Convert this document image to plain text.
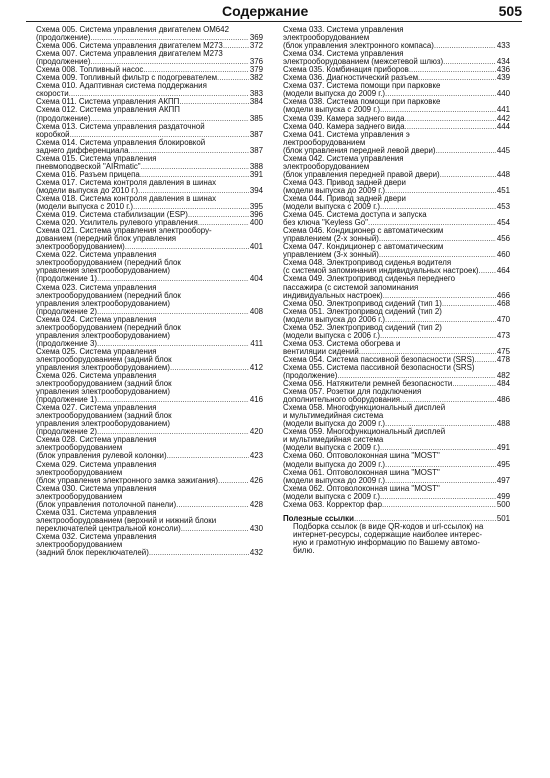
Содержание	505
Схема 005. Система управления двигателем OM642
(продолжение) .....	369
Схема 006. Система управления двигателем M273 .....	372
Схема 007. Система управления двигателем M273
(продолжение) .....	376
Схема 008. Топливный насос .....	379
Схема 009. Топливный фильтр с подогревателем .....	382
Схема 010. Адаптивная система поддержания
скорости .....	383
Схема 011. Система управления АКПП .....	384
Схема 012. Система управления АКПП
(продолжение) .....	385
Схема 013. Система управления раздаточной
коробкой .....	387
Схема 014. Система управления блокировкой
заднего дифференциала .....	387
Схема 015. Система управления
пневмоподвеской "AIRmatic" .....	388
Схема 016. Разъем прицепа .....	391
Схема 017. Система контроля давления в шинах
(модели выпуска до 2010 г.) .....	394
Схема 018. Система контроля давления в шинах
(модели выпуска с 2010 г.) .....	395
Схема 019. Система стабилизации (ESP) .....	396
Схема 020. Усилитель рулевого управления .....	400
Схема 021. Система управления электрообору-
дованием (передний блок управления
электрооборудованием) .....	401
Схема 022. Система управления
электрооборудованием (передний блок
управления электрооборудованием)
(продолжение 1) .....	404
Схема 023. Система управления
электрооборудованием (передний блок
управления электрооборудованием)
(продолжение 2) .....	408
Схема 024. Система управления
электрооборудованием (передний блок
управления электрооборудованием)
(продолжение 3) .....	411
Схема 025. Система управления
электрооборудованием (задний блок
управления электрооборудованием) .....	412
Схема 026. Система управления
электрооборудованием (задний блок
управления электрооборудованием)
(продолжение 1) .....	416
Схема 027. Система управления
электрооборудованием (задний блок
управления электрооборудованием)
(продолжение 2) .....	420
Схема 028. Система управления
электрооборудованием
(блок управления рулевой колонки) .....	423
Схема 029. Система управления
электрооборудованием
(блок управления электронного замка зажигания) .....	426
Схема 030. Система управления
электрооборудованием
(блок управления потолочной панели) .....	428
Схема 031. Система управления
электрооборудованием (верхний и нижний блоки
переключателей центральной консоли) .....	430
Схема 032. Система управления
электрооборудованием
(задний блок переключателей) .....	432
Схема 033. Система управления
электрооборудованием
(блок управления электронного компаса) .....	433
Схема 034. Система управления
электрооборудованием (межсетевой шлюз) .....	434
Схема 035. Комбинация приборов .....	436
Схема 036. Диагностический разъем .....	439
Схема 037. Система помощи при парковке
(модели выпуска до 2009 г.) .....	440
Схема 038. Система помощи при парковке
(модели выпуска с 2009 г.) .....	441
Схема 039. Камера заднего вида .....	442
Схема 040. Камера заднего вида .....	444
Схема 041. Система управления э
лектрооборудованием
(блок управления передней левой двери) .....	445
Схема 042. Система управления
электрооборудованием
(блок управления передней правой двери) .....	448
Схема 043. Привод задней двери
(модели выпуска до 2009 г.) .....	451
Схема 044. Привод задней двери
(модели выпуска с 2009 г.) .....	453
Схема 045. Система доступа и запуска
без ключа "Keyless Go" .....	454
Схема 046. Кондиционер с автоматическим
управлением (2-х зонный) .....	456
Схема 047. Кондиционер с автоматическим
управлением (3-х зонный) .....	460
Схема 048. Электропривод сиденья водителя
(с системой запоминания индивидуальных настроек) ..... 464
Схема 049. Электропривод сиденья переднего
пассажира (с системой запоминания
индивидуальных настроек) .....	466
Схема 050. Электропривод сидений (тип 1) .....	468
Схема 051. Электропривод сидений (тип 2)
(модели выпуска до 2006 г.) .....	470
Схема 052. Электропривод сидений (тип 2)
(модели выпуска с 2006 г.) .....	473
Схема 053. Система обогрева и
вентиляции сидений .....	475
Схема 054. Система пассивной безопасности (SRS) .....	478
Схема 055. Система пассивной безопасности (SRS)
(продолжение) .....	482
Схема 056. Натяжители ремней безопасности .....	484
Схема 057. Розетки для подключения
дополнительного оборудования .....	486
Схема 058. Многофункциональный дисплей
и мультимедийная система
(модели выпуска до 2009 г.) .....	488
Схема 059. Многофункциональный дисплей
и мультимедийная система
(модели выпуска с 2009 г.) .....	491
Схема 060. Оптоволоконная шина "MOST"
(модели выпуска до 2009 г.) .....	495
Схема 061. Оптоволоконная шина "MOST"
(модели выпуска до 2009 г.) .....	497
Схема 062. Оптоволоконная шина "MOST"
(модели выпуска с 2009 г.) .....	499
Схема 063. Корректор фар .....	500
Полезные ссылки .....	501
Подборка ссылок (в виде QR-кодов и url-ссылок) на
интернет-ресурсы, содержащие наиболее интерес-
ную и грамотную информацию по Вашему автомо-
билю.
